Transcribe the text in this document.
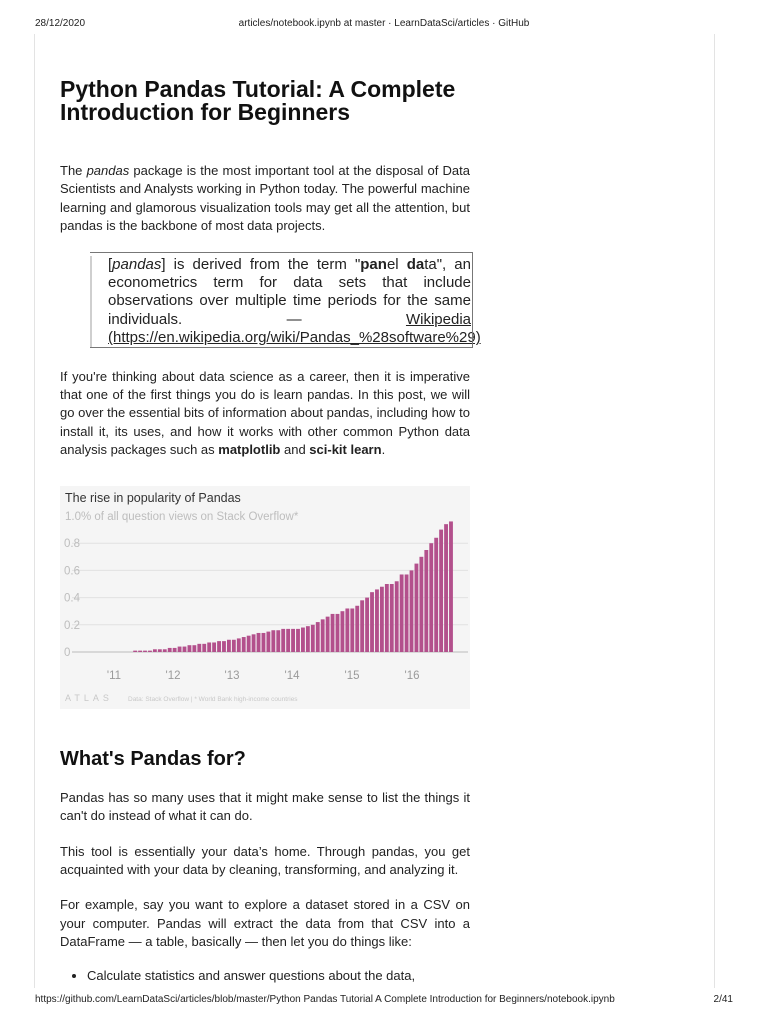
28/12/2020	articles/notebook.ipynb at master · LearnDataSci/articles · GitHub
Python Pandas Tutorial: A Complete Introduction for Beginners

The pandas package is the most important tool at the disposal of Data Scientists and Analysts working in Python today. The powerful machine learning and glamorous visualization tools may get all the attention, but pandas is the backbone of most data projects.

[pandas] is derived from the term "panel data", an econometrics term for data sets that include observations over multiple time periods for the same individuals. — Wikipedia (https://en.wikipedia.org/wiki/Pandas_%28software%29)

If you're thinking about data science as a career, then it is imperative that one of the first things you do is learn pandas. In this post, we will go over the essential bits of information about pandas, including how to install it, its uses, and how it works with other common Python data analysis packages such as matplotlib and sci-kit learn.

The rise in popularity of Pandas
1.0% of all question views on Stack Overflow*
0
0.2
0.4
0.6
0.8
'11	'12	'13	'14	'15	'16
ATLAS Data: Stack Overflow | * World Bank high-income countries
What's Pandas for?

Pandas has so many uses that it might make sense to list the things it can't do instead of what it can do.

This tool is essentially your data’s home. Through pandas, you get acquainted with your data by cleaning, transforming, and analyzing it.

For example, say you want to explore a dataset stored in a CSV on your computer. Pandas will extract the data from that CSV into a DataFrame — a table, basically — then let you do things like:

• Calculate statistics and answer questions about the data,
https://github.com/LearnDataSci/articles/blob/master/Python Pandas Tutorial A Complete Introduction for Beginners/notebook.ipynb	2/41
